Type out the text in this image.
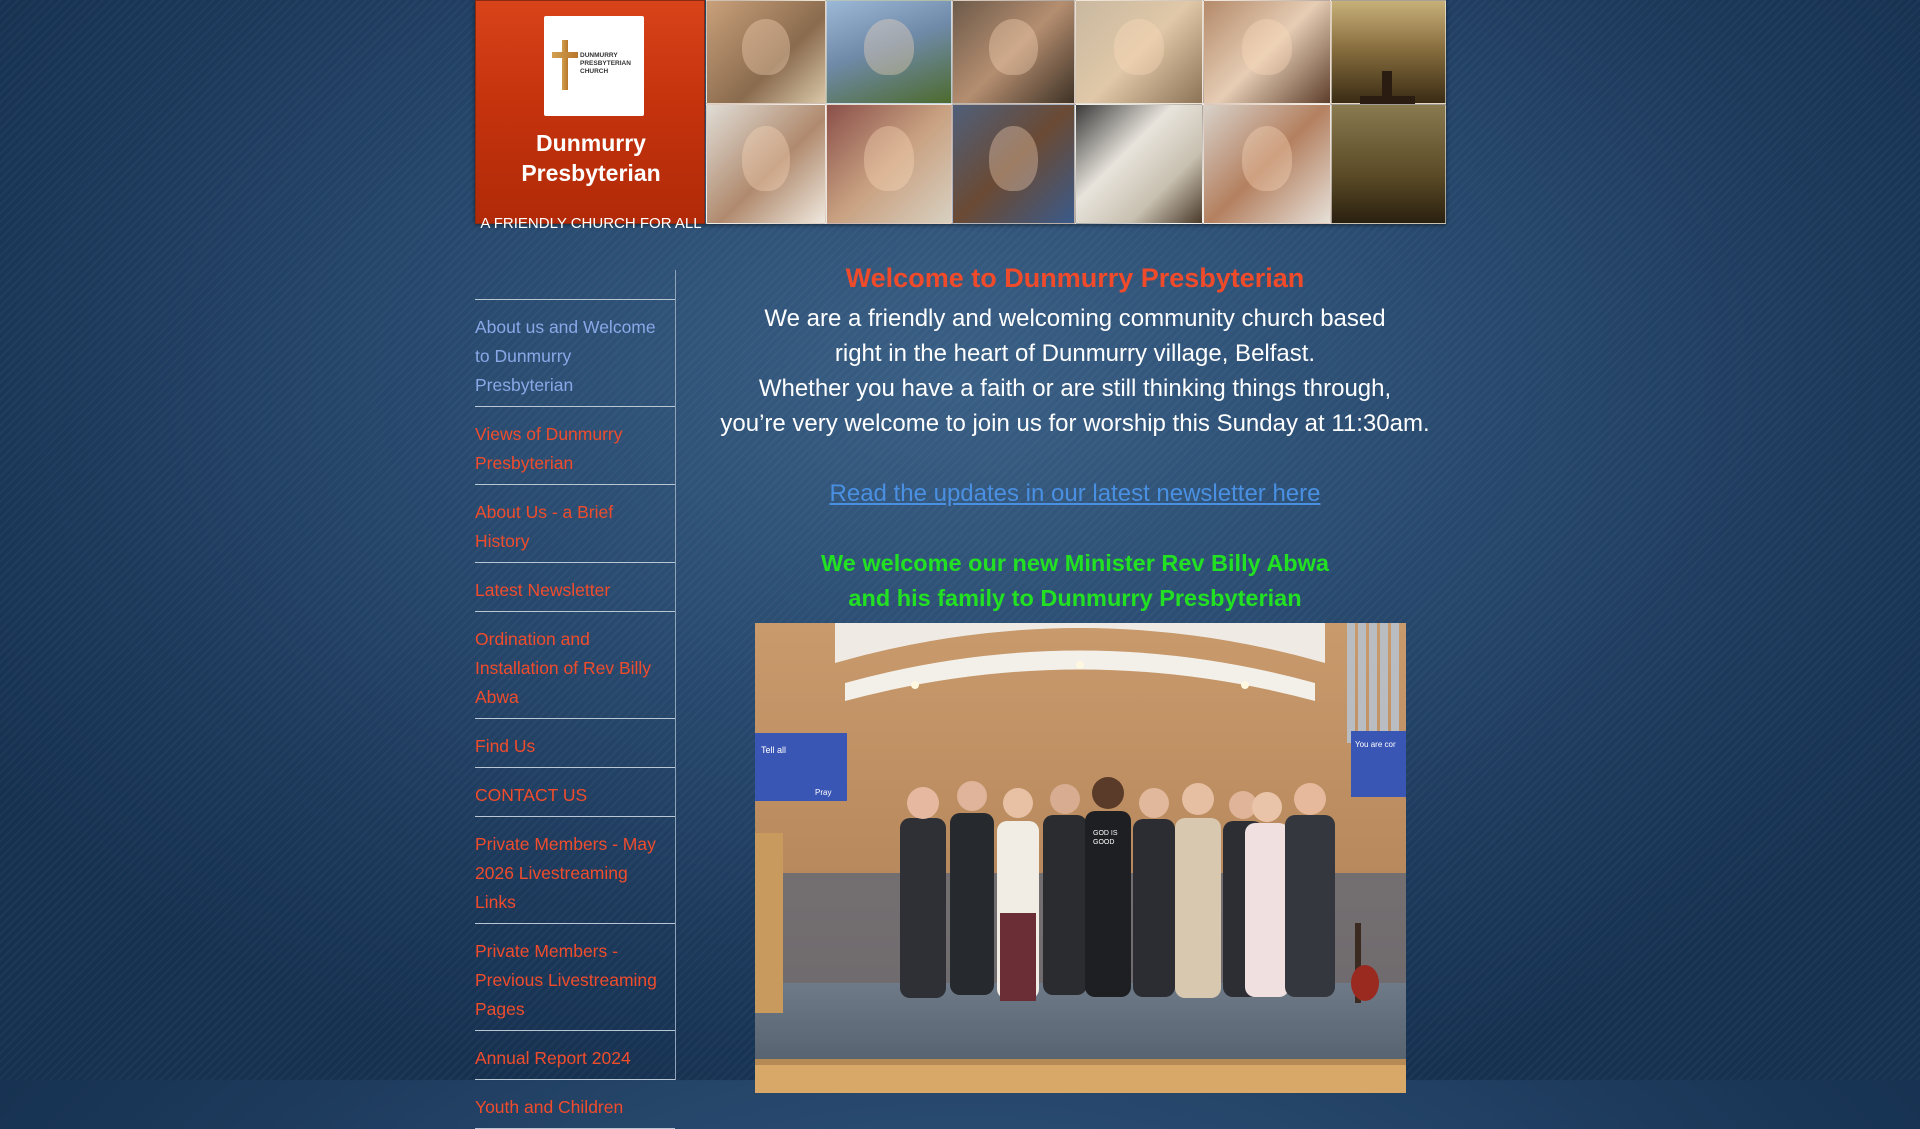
DUNMURRY
PRESBYTERIAN
CHURCH
Dunmurry Presbyterian
A FRIENDLY CHURCH FOR ALL
About us and Welcome to Dunmurry Presbyterian
Views of Dunmurry Presbyterian
About Us - a Brief History
Latest Newsletter
Ordination and Installation of Rev Billy Abwa
Find Us
CONTACT US
Private Members - May 2026 Livestreaming Links
Private Members - Previous Livestreaming Pages
Annual Report 2024
Youth and Children
Welcome to Dunmurry Presbyterian

We are a friendly and welcoming community church based
right in the heart of Dunmurry village, Belfast.
Whether you have a faith or are still thinking things through,
you’re very welcome to join us for worship this Sunday at 11:30am.

Read the updates in our latest newsletter here
We welcome our new Minister Rev Billy Abwa
and his family to Dunmurry Presbyterian
Tell all
Pray
You are cor
GOD IS
GOOD
